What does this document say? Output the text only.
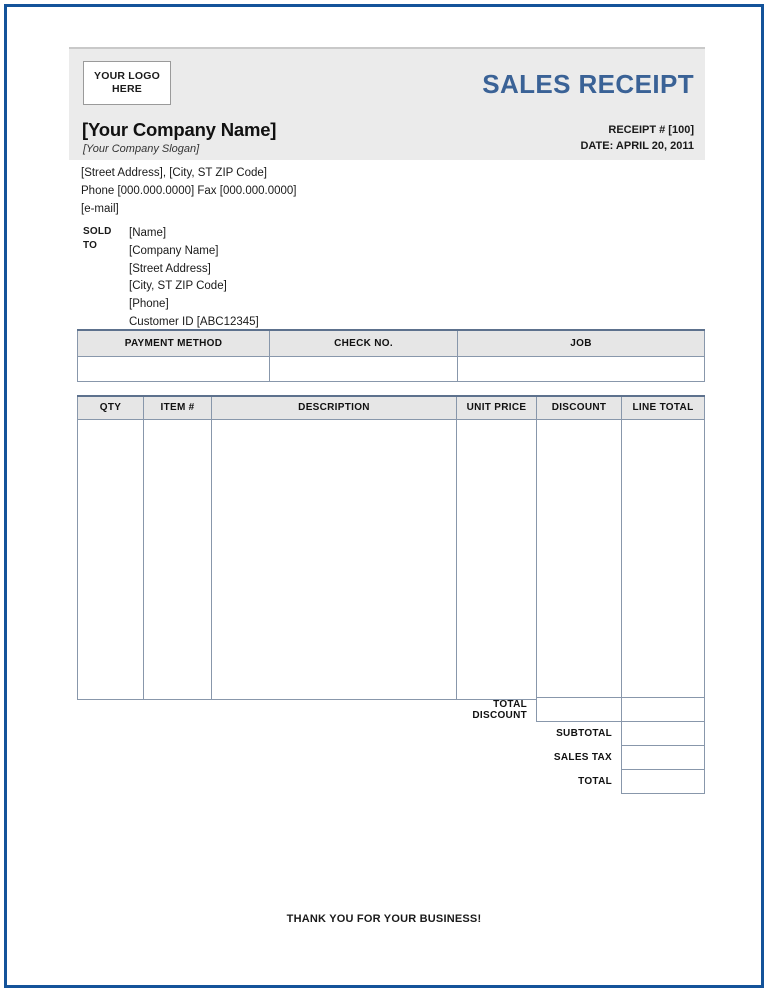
YOUR LOGO
HERE
[Your Company Name]
[Your Company Slogan]
SALES RECEIPT
RECEIPT # [100]
DATE: APRIL 20, 2011
[Street Address], [City, ST ZIP Code]
Phone [000.000.0000] Fax [000.000.0000]
[e-mail]
SOLD
TO
[Name]
[Company Name]
[Street Address]
[City, ST ZIP Code]
[Phone]
Customer ID [ABC12345]
PAYMENT METHOD	CHECK NO.	JOB

QTY	ITEM #	DESCRIPTION	UNIT PRICE	DISCOUNT	LINE TOTAL

	TOTAL DISCOUNT		
		SUBTOTAL	
		SALES TAX	
		TOTAL	
THANK YOU FOR YOUR BUSINESS!
